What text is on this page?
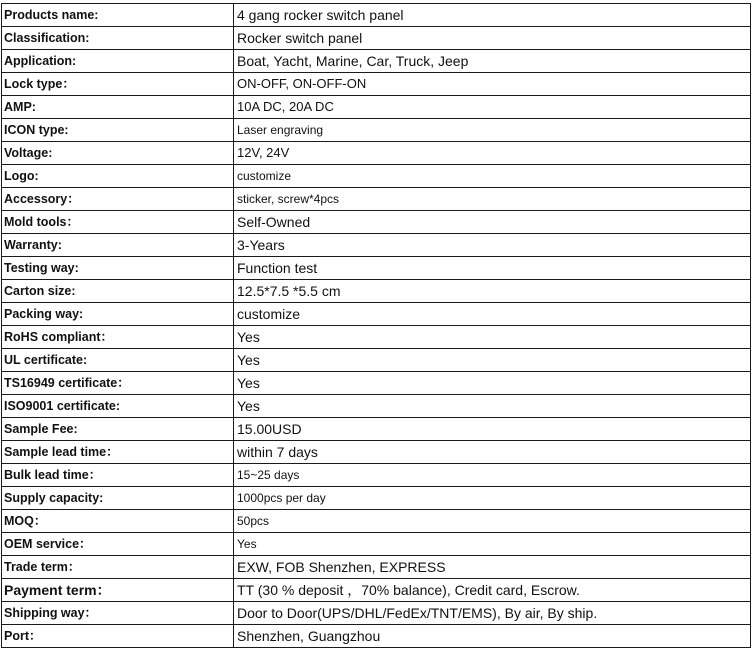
Products name:	4 gang rocker switch panel
Classification:	Rocker switch panel
Application:	Boat, Yacht, Marine, Car, Truck, Jeep
Lock type：	ON-OFF, ON-OFF-ON
AMP:	10A DC, 20A DC
ICON type:	Laser engraving
Voltage:	12V, 24V
Logo:	customize
Accessory：	sticker, screw*4pcs
Mold tools：	Self-Owned
Warranty:	3-Years
Testing way:	Function test
Carton size:	12.5*7.5 *5.5 cm
Packing way:	customize
RoHS compliant：	Yes
UL certificate:	Yes
TS16949 certificate：	Yes
ISO9001 certificate:	Yes
Sample Fee:	15.00USD
Sample lead time：	within 7 days
Bulk lead time：	15~25 days
Supply capacity:	1000pcs per day
MOQ：	50pcs
OEM service：	Yes
Trade term：	EXW, FOB Shenzhen, EXPRESS
Payment term：	TT (30 % deposit ，70% balance), Credit card, Escrow.
Shipping way：	Door to Door(UPS/DHL/FedEx/TNT/EMS), By air, By ship.
Port：	Shenzhen, Guangzhou
